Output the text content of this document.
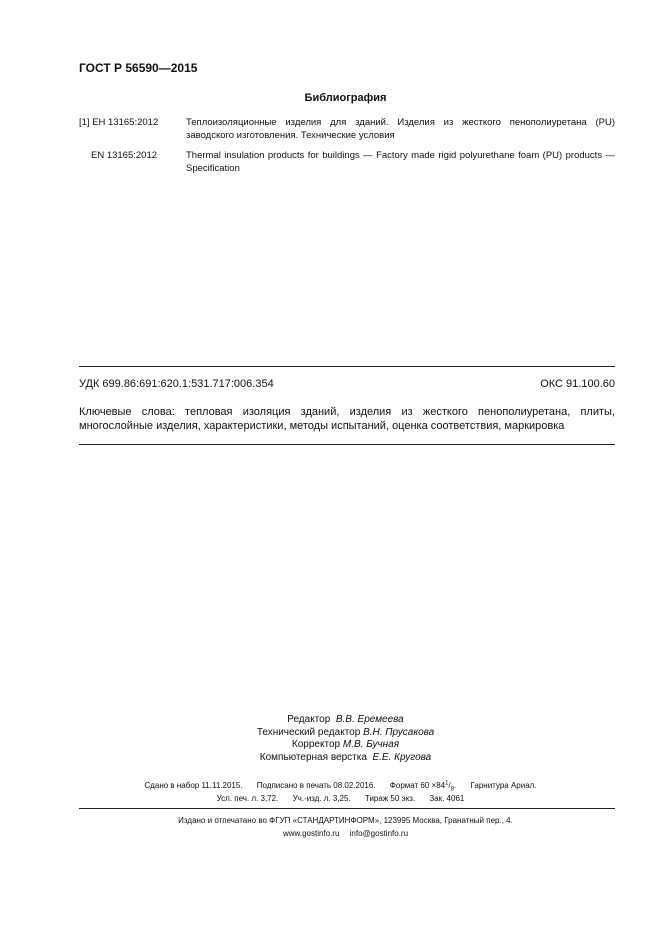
ГОСТ Р 56590—2015
Библиография
[1] ЕН 13165:2012	Теплоизоляционные изделия для зданий. Изделия из жесткого пенополиуретана (PU) заводского изготовления. Технические условия
EN 13165:2012	Thermal insulation products for buildings — Factory made rigid polyurethane foam (PU) products — Specification
УДК 699.86:691:620.1:531.717:006.354	ОКС 91.100.60
Ключевые слова: тепловая изоляция зданий, изделия из жесткого пенополиуретана, плиты, многослойные изделия, характеристики, методы испытаний, оценка соответствия, маркировка
Редактор В.В. Еремеева
Технический редактор В.Н. Прусакова
Корректор М.В. Бучная
Компьютерная верстка Е.Е. Кругова
Сдано в набор 11.11.2015. Подписано в печать 08.02.2016. Формат $60 \times 84^1/_8$. Гарнитура Ариал.
Усл. печ. л. 3,72. Уч.-изд. л. 3,25. Тираж 50 экз. Зак. 4061
Издано и отпечатано во ФГУП «СТАНДАРТИНФОРМ», 123995 Москва, Гранатный пер., 4.
www.gostinfo.ru info@gostinfo.ru
